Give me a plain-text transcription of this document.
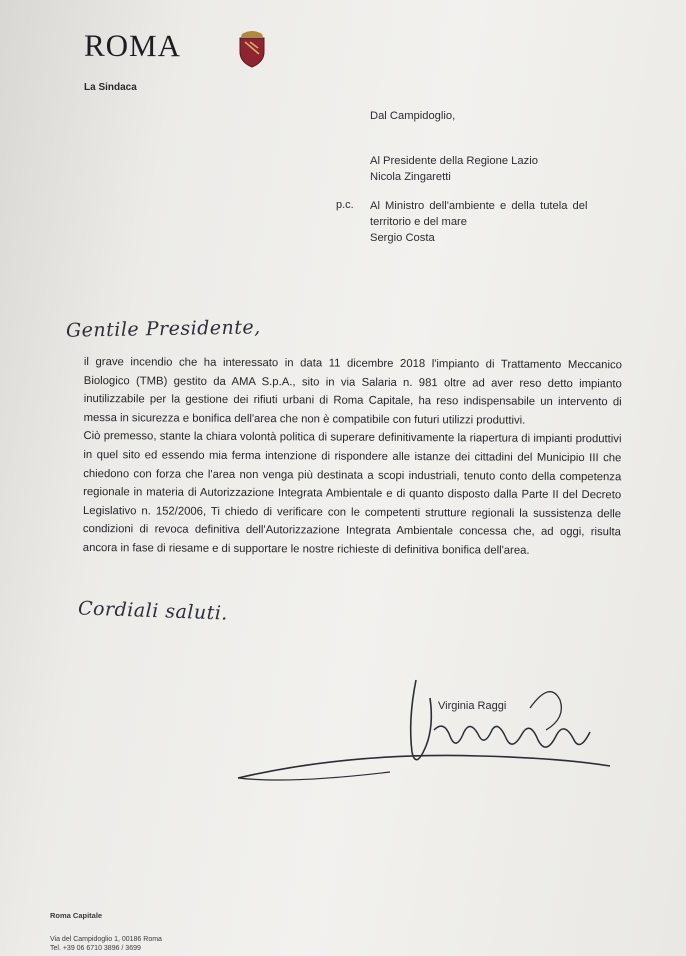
ROMA
La Sindaca
Dal Campidoglio,
Al Presidente della Regione Lazio
Nicola Zingaretti
p.c. Al Ministro dell'ambiente e della tutela del
territorio e del mare
Sergio Costa
Gentile Presidente,

il grave incendio che ha interessato in data 11 dicembre 2018 l'impianto di Trattamento Meccanico Biologico (TMB) gestito da AMA S.p.A., sito in via Salaria n. 981 oltre ad aver reso detto impianto inutilizzabile per la gestione dei rifiuti urbani di Roma Capitale, ha reso indispensabile un intervento di messa in sicurezza e bonifica dell'area che non è compatibile con futuri utilizzi produttivi.

Ciò premesso, stante la chiara volontà politica di superare definitivamente la riapertura di impianti produttivi in quel sito ed essendo mia ferma intenzione di rispondere alle istanze dei cittadini del Municipio III che chiedono con forza che l'area non venga più destinata a scopi industriali, tenuto conto della competenza regionale in materia di Autorizzazione Integrata Ambientale e di quanto disposto dalla Parte II del Decreto Legislativo n. 152/2006, Ti chiedo di verificare con le competenti strutture regionali la sussistenza delle condizioni di revoca definitiva dell'Autorizzazione Integrata Ambientale concessa che, ad oggi, risulta ancora in fase di riesame e di supportare le nostre richieste di definitiva bonifica dell'area.

Cordiali saluti.
Virginia Raggi
Roma Capitale
Via del Campidoglio 1, 00186 Roma
Tel. +39 06 6710 3896 / 3699
